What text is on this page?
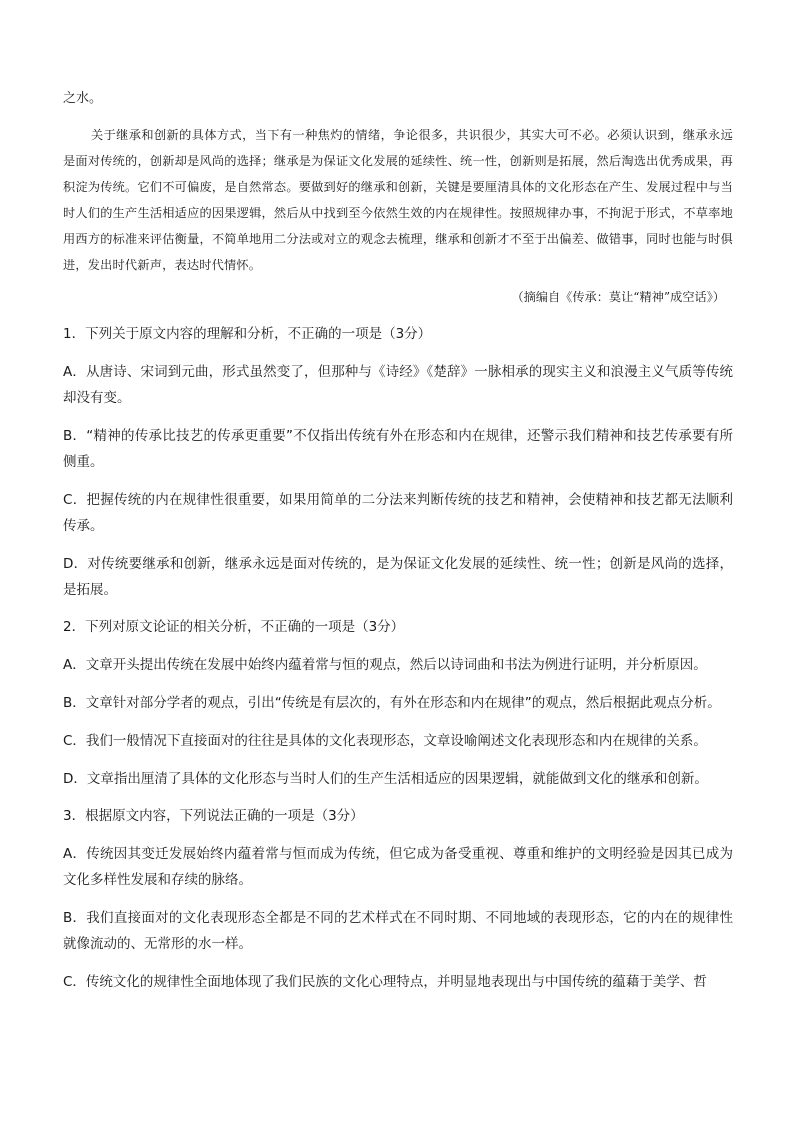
之水。

关于继承和创新的具体方式，当下有一种焦灼的情绪，争论很多，共识很少，其实大可不必。必须认识到，继承永远是面对传统的，创新却是风尚的选择；继承是为保证文化发展的延续性、统一性，创新则是拓展，然后淘选出优秀成果，再积淀为传统。它们不可偏废，是自然常态。要做到好的继承和创新，关键是要厘清具体的文化形态在产生、发展过程中与当时人们的生产生活相适应的因果逻辑，然后从中找到至今依然生效的内在规律性。按照规律办事，不拘泥于形式，不草率地用西方的标准来评估衡量，不简单地用二分法或对立的观念去梳理，继承和创新才不至于出偏差、做错事，同时也能与时俱进，发出时代新声，表达时代情怀。

（摘编自《传承：莫让“精神”成空话》）

1．下列关于原文内容的理解和分析，不正确的一项是（3分）

A．从唐诗、宋词到元曲，形式虽然变了，但那种与《诗经》《楚辞》一脉相承的现实主义和浪漫主义气质等传统却没有变。

B．“精神的传承比技艺的传承更重要”不仅指出传统有外在形态和内在规律，还警示我们精神和技艺传承要有所侧重。

C．把握传统的内在规律性很重要，如果用简单的二分法来判断传统的技艺和精神，会使精神和技艺都无法顺利传承。

D．对传统要继承和创新，继承永远是面对传统的，是为保证文化发展的延续性、统一性；创新是风尚的选择，是拓展。

2．下列对原文论证的相关分析，不正确的一项是（3分）

A．文章开头提出传统在发展中始终内蕴着常与恒的观点，然后以诗词曲和书法为例进行证明，并分析原因。

B．文章针对部分学者的观点，引出“传统是有层次的，有外在形态和内在规律”的观点，然后根据此观点分析。

C．我们一般情况下直接面对的往往是具体的文化表现形态，文章设喻阐述文化表现形态和内在规律的关系。

D．文章指出厘清了具体的文化形态与当时人们的生产生活相适应的因果逻辑，就能做到文化的继承和创新。

3．根据原文内容，下列说法正确的一项是（3分）

A．传统因其变迁发展始终内蕴着常与恒而成为传统，但它成为备受重视、尊重和维护的文明经验是因其已成为文化多样性发展和存续的脉络。

B．我们直接面对的文化表现形态全都是不同的艺术样式在不同时期、不同地域的表现形态，它的内在的规律性就像流动的、无常形的水一样。

C．传统文化的规律性全面地体现了我们民族的文化心理特点，并明显地表现出与中国传统的蕴藉于美学、哲
